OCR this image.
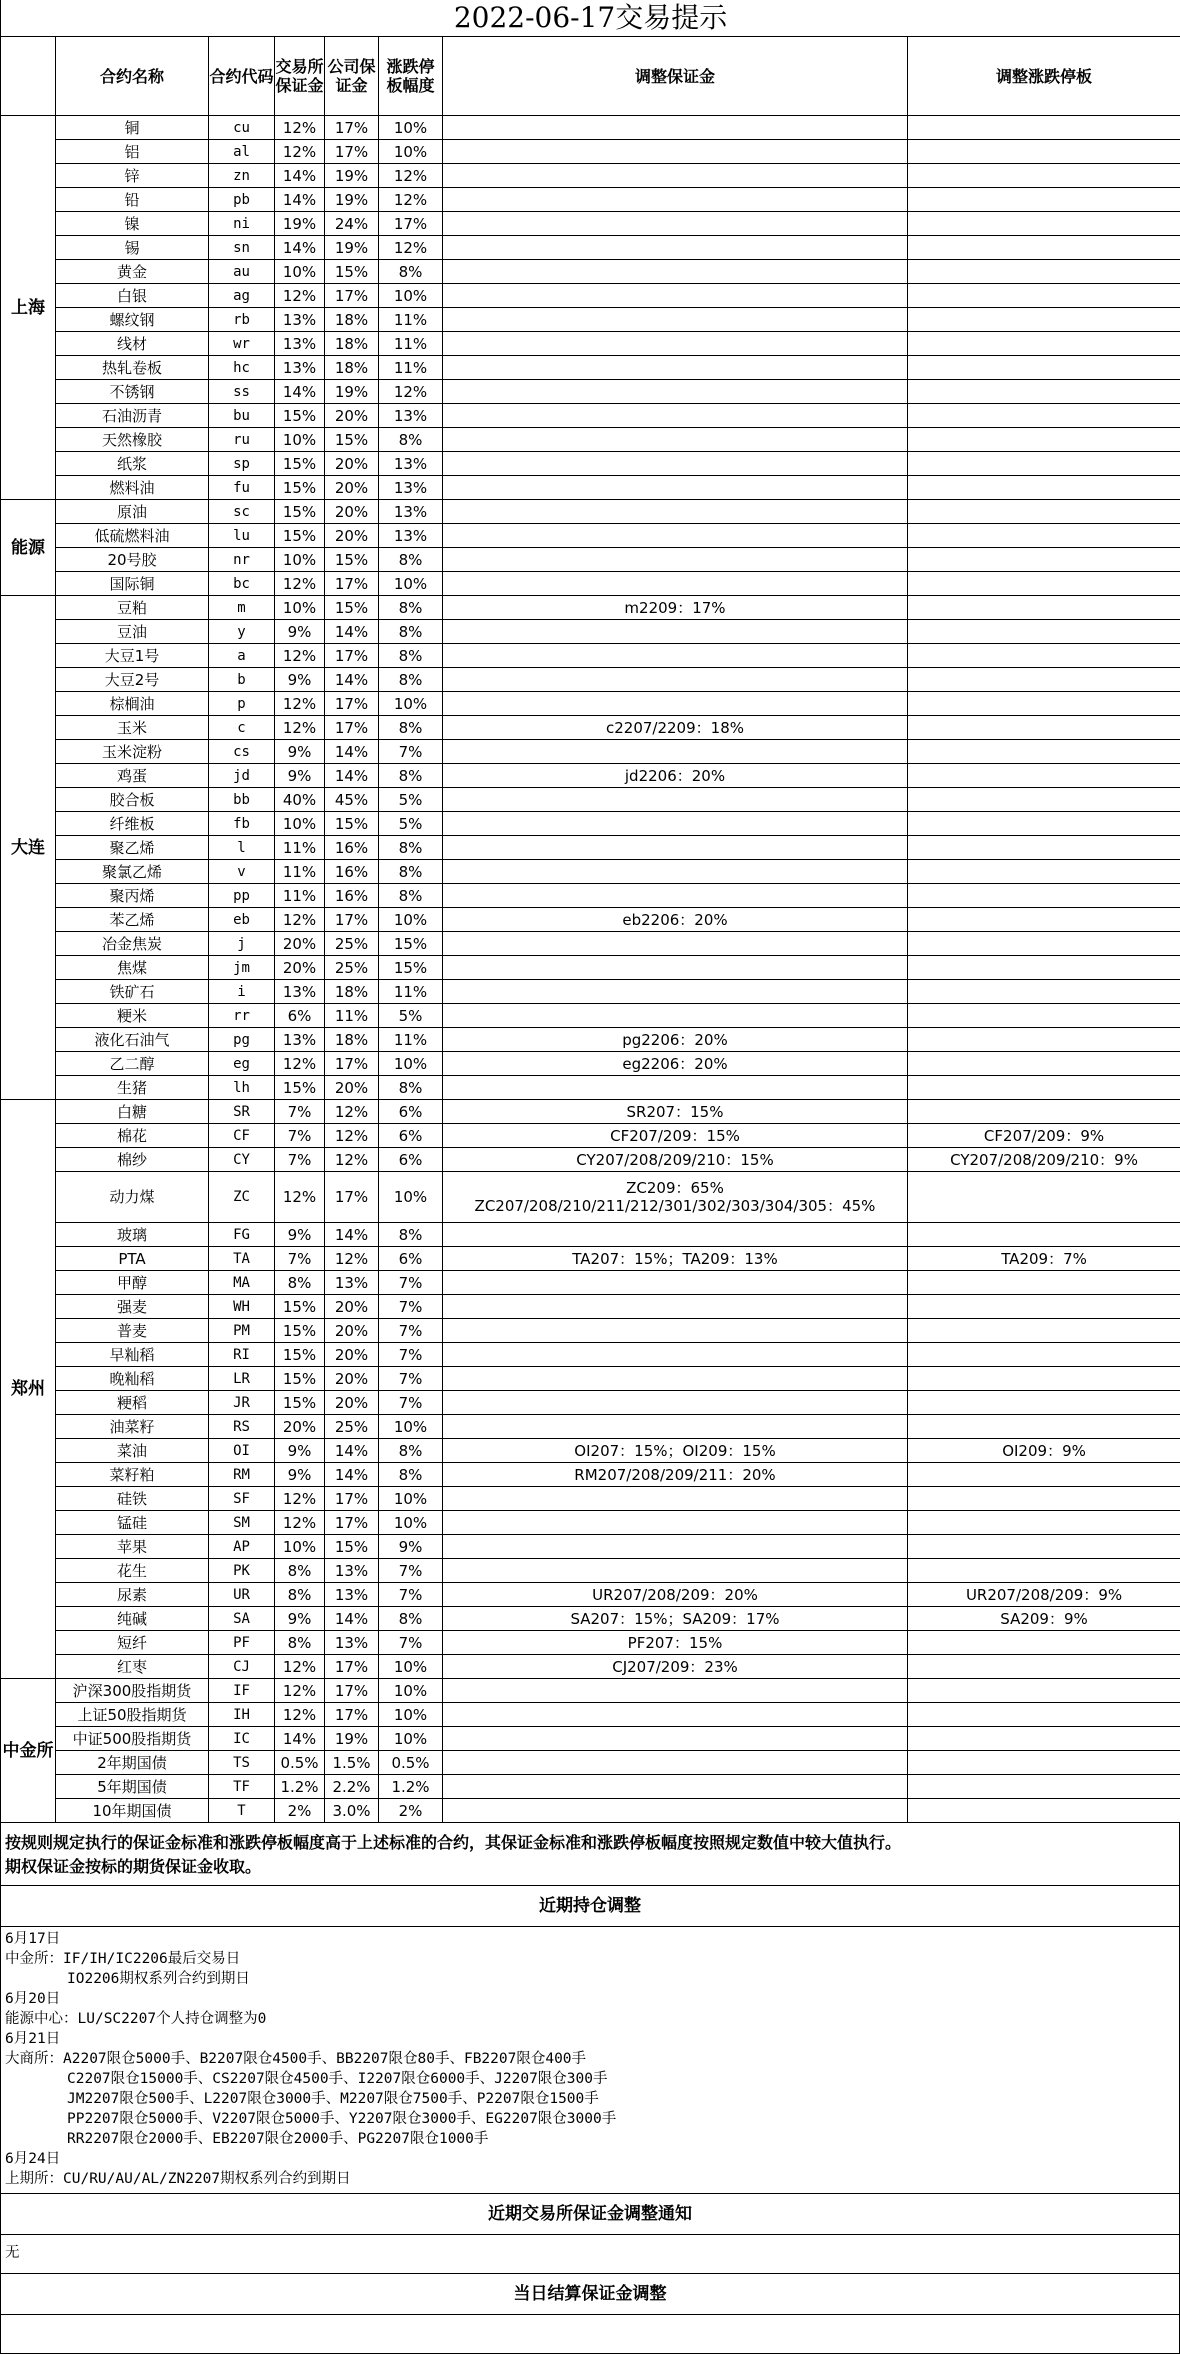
2022-06-17交易提示							
	合约名称	合约代码	交易所保证金	公司保证金	涨跌停板幅度	调整保证金	调整涨跌停板
上海	铜	cu	12%	17%	10%	

	铝	al	12%	17%	10%	

	锌	zn	14%	19%	12%	

	铅	pb	14%	19%	12%	

	镍	ni	19%	24%	17%	

	锡	sn	14%	19%	12%	

	黄金	au	10%	15%	8%	

	白银	ag	12%	17%	10%	

	螺纹钢	rb	13%	18%	11%	

	线材	wr	13%	18%	11%	

	热轧卷板	hc	13%	18%	11%	

	不锈钢	ss	14%	19%	12%	

	石油沥青	bu	15%	20%	13%	

	天然橡胶	ru	10%	15%	8%	

	纸浆	sp	15%	20%	13%	

	燃料油	fu	15%	20%	13%	

能源	原油	sc	15%	20%	13%	

	低硫燃料油	lu	15%	20%	13%	

	20号胶	nr	10%	15%	8%	

	国际铜	bc	12%	17%	10%	

大连	豆粕	m	10%	15%	8%	m2209：17%	

	豆油	y	9%	14%	8%	

	大豆1号	a	12%	17%	8%	

	大豆2号	b	9%	14%	8%	

	棕榈油	p	12%	17%	10%	

	玉米	c	12%	17%	8%	c2207/2209：18%	

	玉米淀粉	cs	9%	14%	7%	

	鸡蛋	jd	9%	14%	8%	jd2206：20%	

	胶合板	bb	40%	45%	5%	

	纤维板	fb	10%	15%	5%	

	聚乙烯	l	11%	16%	8%	

	聚氯乙烯	v	11%	16%	8%	

	聚丙烯	pp	11%	16%	8%	

	苯乙烯	eb	12%	17%	10%	eb2206：20%	

	冶金焦炭	j	20%	25%	15%	

	焦煤	jm	20%	25%	15%	

	铁矿石	i	13%	18%	11%	

	粳米	rr	6%	11%	5%	

	液化石油气	pg	13%	18%	11%	pg2206：20%	

	乙二醇	eg	12%	17%	10%	eg2206：20%	

	生猪	lh	15%	20%	8%	

郑州	白糖	SR	7%	12%	6%	SR207：15%	

	棉花	CF	7%	12%	6%	CF207/209：15%	CF207/209：9%
	棉纱	CY	7%	12%	6%	CY207/208/209/210：15%	CY207/208/209/210：9%
	动力煤	ZC	12%	17%	10%	ZC209：65%
ZC207/208/210/211/212/301/302/303/304/305：45%	

	玻璃	FG	9%	14%	8%	

	PTA	TA	7%	12%	6%	TA207：15%；TA209：13%	TA209：7%
	甲醇	MA	8%	13%	7%	

	强麦	WH	15%	20%	7%	

	普麦	PM	15%	20%	7%	

	早籼稻	RI	15%	20%	7%	

	晚籼稻	LR	15%	20%	7%	

	粳稻	JR	15%	20%	7%	

	油菜籽	RS	20%	25%	10%	

	菜油	OI	9%	14%	8%	OI207：15%；OI209：15%	OI209：9%
	菜籽粕	RM	9%	14%	8%	RM207/208/209/211：20%	

	硅铁	SF	12%	17%	10%	

	锰硅	SM	12%	17%	10%	

	苹果	AP	10%	15%	9%	

	花生	PK	8%	13%	7%	

	尿素	UR	8%	13%	7%	UR207/208/209：20%	UR207/208/209：9%
	纯碱	SA	9%	14%	8%	SA207：15%；SA209：17%	SA209：9%
	短纤	PF	8%	13%	7%	PF207：15%	

	红枣	CJ	12%	17%	10%	CJ207/209：23%	

中金所	沪深300股指期货	IF	12%	17%	10%	

	上证50股指期货	IH	12%	17%	10%	

	中证500股指期货	IC	14%	19%	10%	

	2年期国债	TS	0.5%	1.5%	0.5%	

	5年期国债	TF	1.2%	2.2%	1.2%	

	10年期国债	T	2%	3.0%	2%	

按规则规定执行的保证金标准和涨跌停板幅度高于上述标准的合约，其保证金标准和涨跌停板幅度按照规定数值中较大值执行。
期权保证金按标的期货保证金收取。
近期持仓调整
6月17日
中金所：IF/IH/IC2206最后交易日
IO2206期权系列合约到期日
6月20日
能源中心：LU/SC2207个人持仓调整为0
6月21日
大商所：A2207限仓5000手、B2207限仓4500手、BB2207限仓80手、FB2207限仓400手
C2207限仓15000手、CS2207限仓4500手、I2207限仓6000手、J2207限仓300手
JM2207限仓500手、L2207限仓3000手、M2207限仓7500手、P2207限仓1500手
PP2207限仓5000手、V2207限仓5000手、Y2207限仓3000手、EG2207限仓3000手
RR2207限仓2000手、EB2207限仓2000手、PG2207限仓1000手
6月24日
上期所：CU/RU/AU/AL/ZN2207期权系列合约到期日
近期交易所保证金调整通知
无
当日结算保证金调整
